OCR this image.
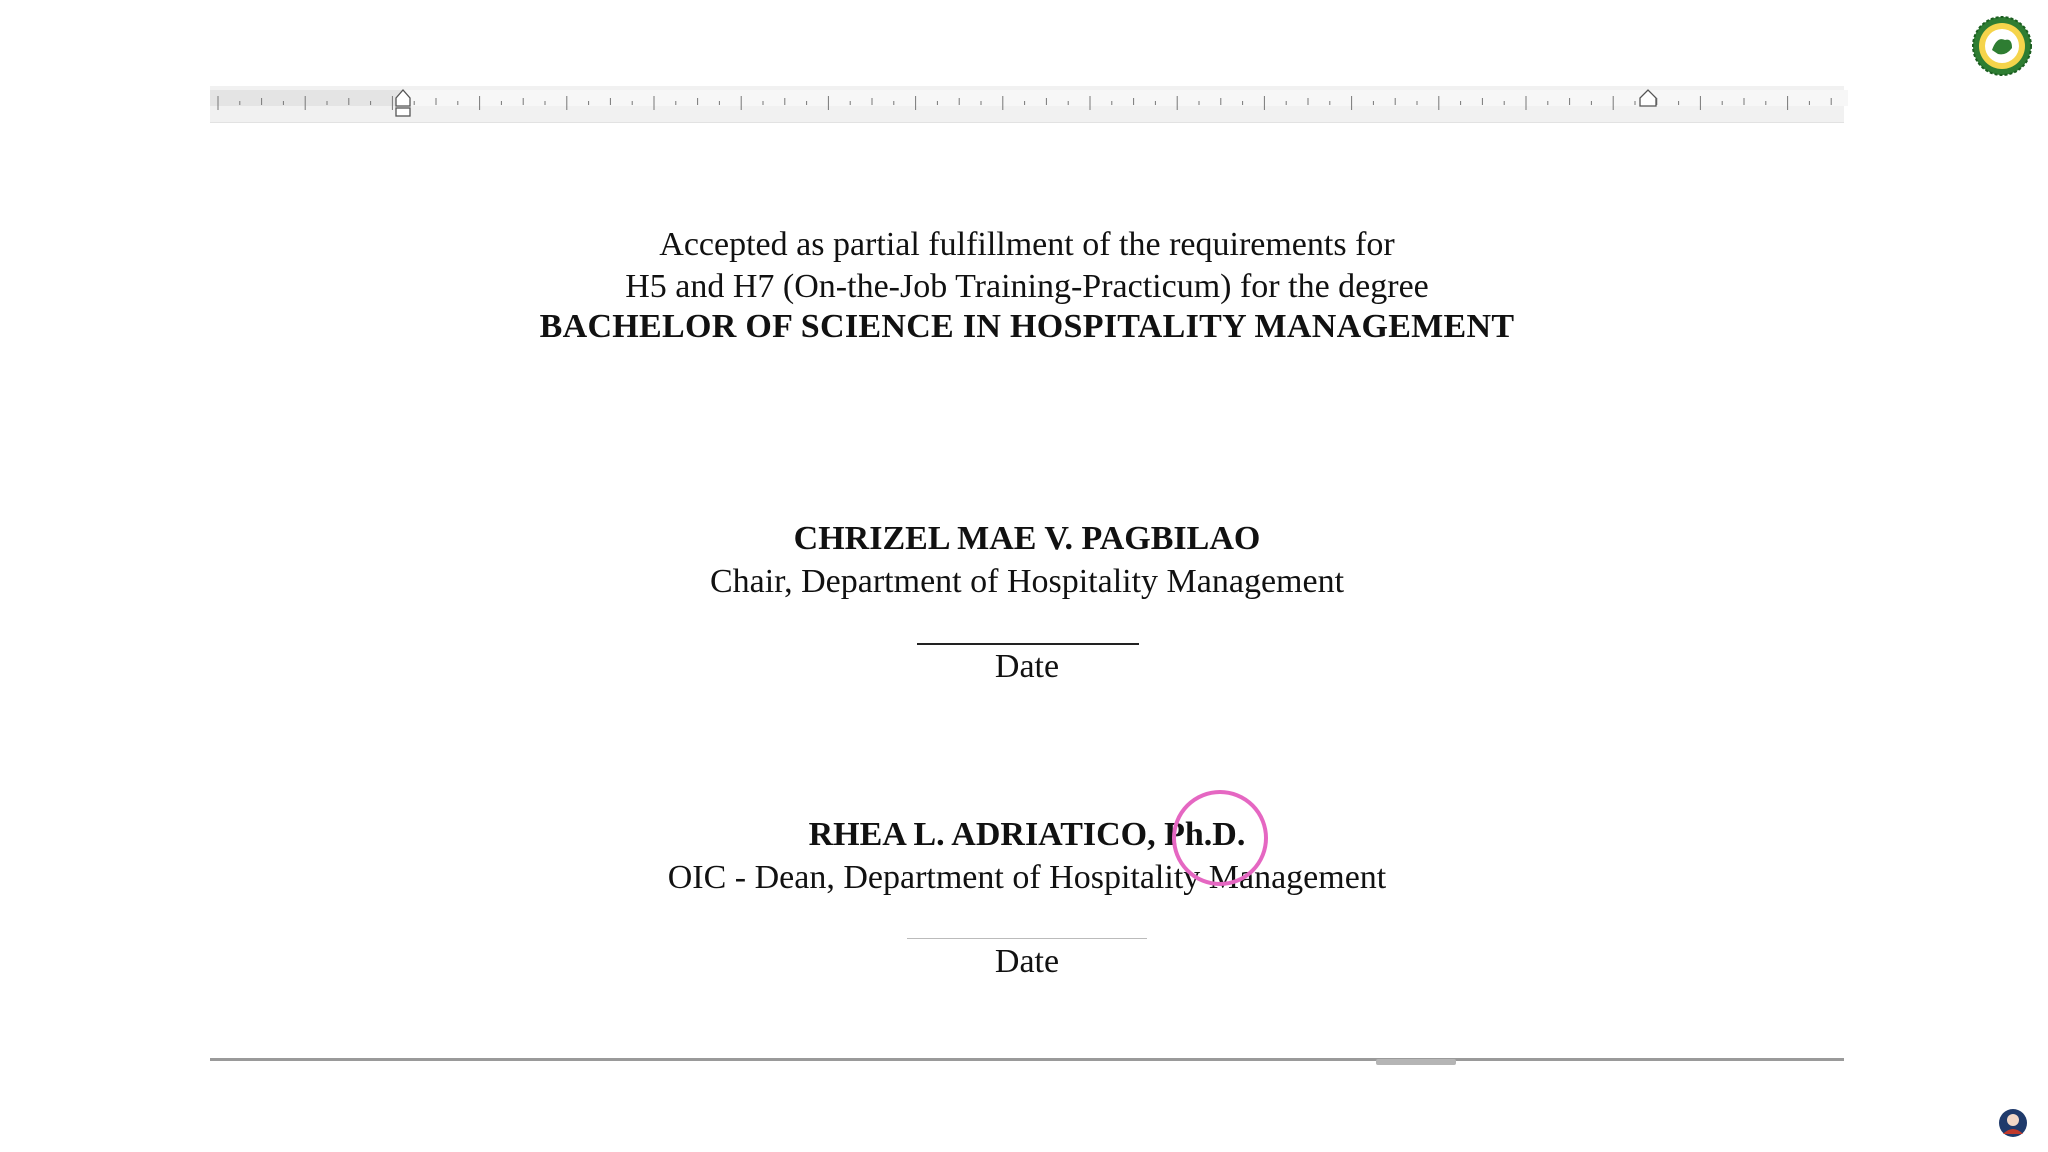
Accepted as partial fulfillment of the requirements for
H5 and H7 (On-the-Job Training-Practicum) for the degree
BACHELOR OF SCIENCE IN HOSPITALITY MANAGEMENT
CHRIZEL MAE V. PAGBILAO
Chair, Department of Hospitality Management
Date
RHEA L. ADRIATICO, Ph.D.
OIC - Dean, Department of Hospitality Management
Date
